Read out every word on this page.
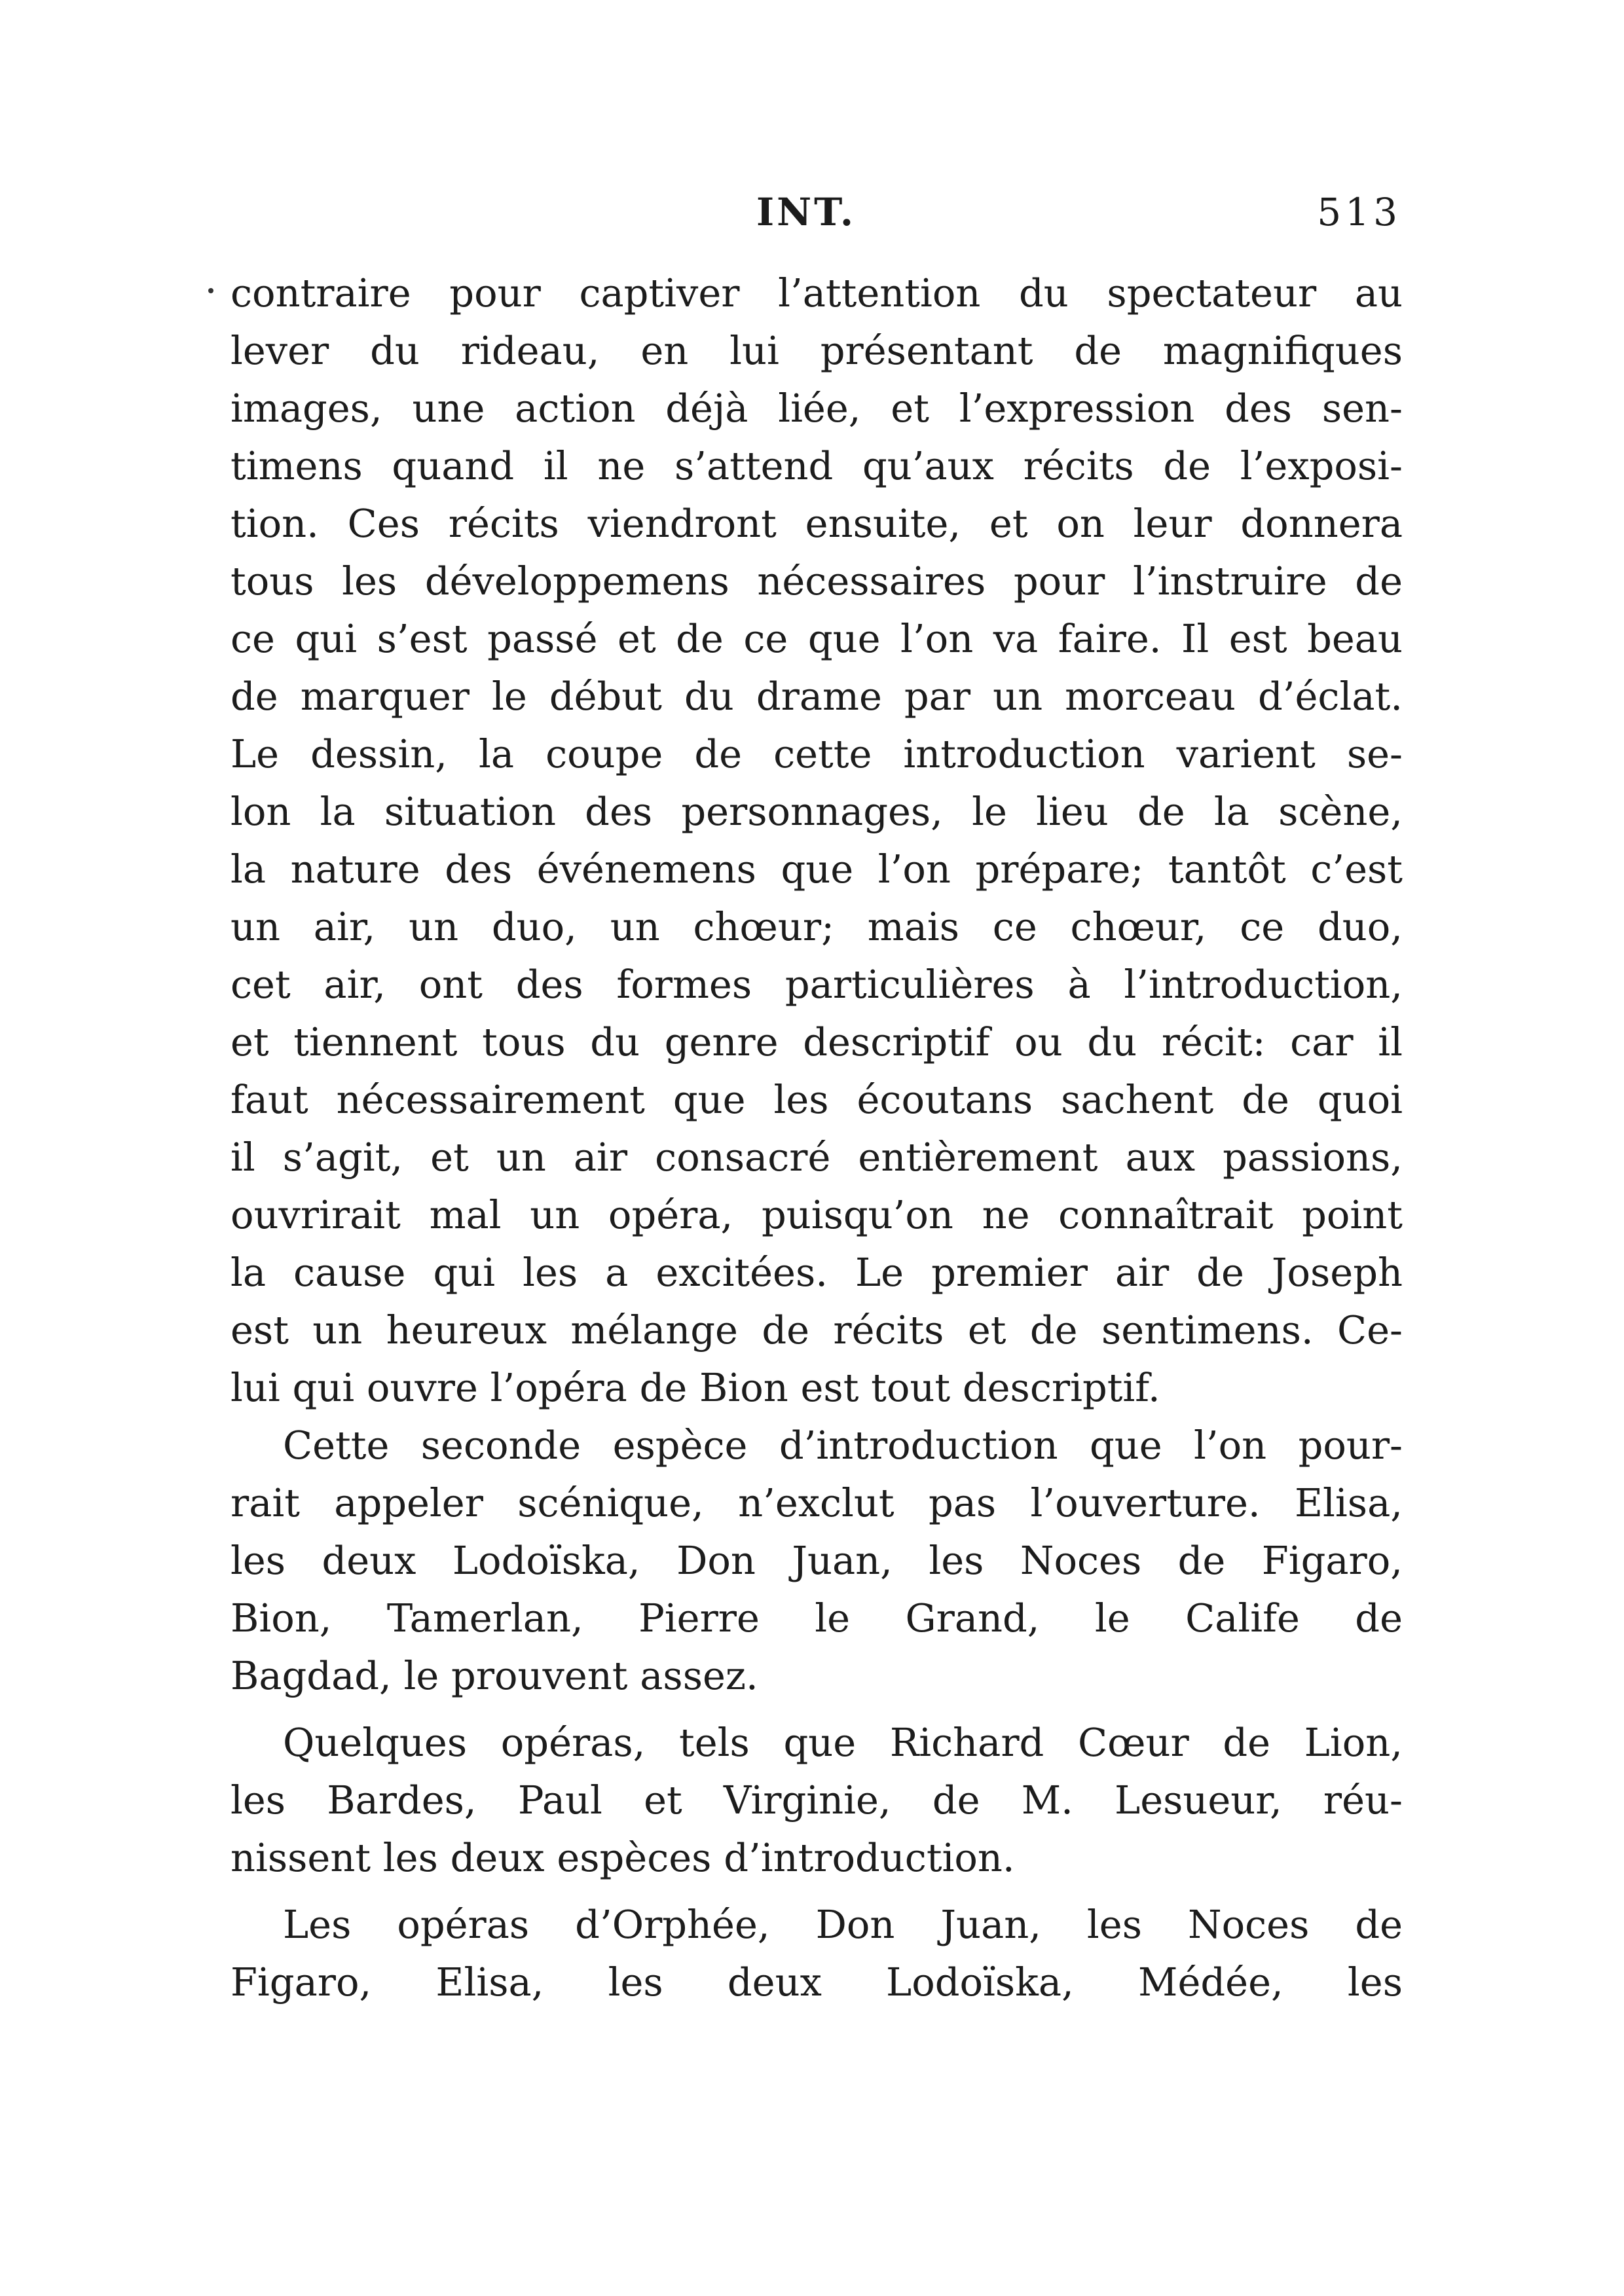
INT.	513
contraire pour captiver l’attention du spectateur au
lever du rideau, en lui présentant de magnifiques
images, une action déjà liée, et l’expression des sen-
timens quand il ne s’attend qu’aux récits de l’exposi-
tion. Ces récits viendront ensuite, et on leur donnera
tous les développemens nécessaires pour l’instruire de
ce qui s’est passé et de ce que l’on va faire. Il est beau
de marquer le début du drame par un morceau d’éclat.
Le dessin, la coupe de cette introduction varient se-
lon la situation des personnages, le lieu de la scène,
la nature des événemens que l’on prépare; tantôt c’est
un air, un duo, un chœur; mais ce chœur, ce duo,
cet air, ont des formes particulières à l’introduction,
et tiennent tous du genre descriptif ou du récit: car il
faut nécessairement que les écoutans sachent de quoi
il s’agit, et un air consacré entièrement aux passions,
ouvrirait mal un opéra, puisqu’on ne connaîtrait point
la cause qui les a excitées. Le premier air de Joseph
est un heureux mélange de récits et de sentimens. Ce-
lui qui ouvre l’opéra de Bion est tout descriptif.
Cette seconde espèce d’introduction que l’on pour-
rait appeler scénique, n’exclut pas l’ouverture. Elisa,
les deux Lodoïska, Don Juan, les Noces de Figaro,
Bion, Tamerlan, Pierre le Grand, le Calife de
Bagdad, le prouvent assez.
Quelques opéras, tels que Richard Cœur de Lion,
les Bardes, Paul et Virginie, de M. Lesueur, réu-
nissent les deux espèces d’introduction.
Les opéras d’Orphée, Don Juan, les Noces de
Figaro, Elisa, les deux Lodoïska, Médée, les
